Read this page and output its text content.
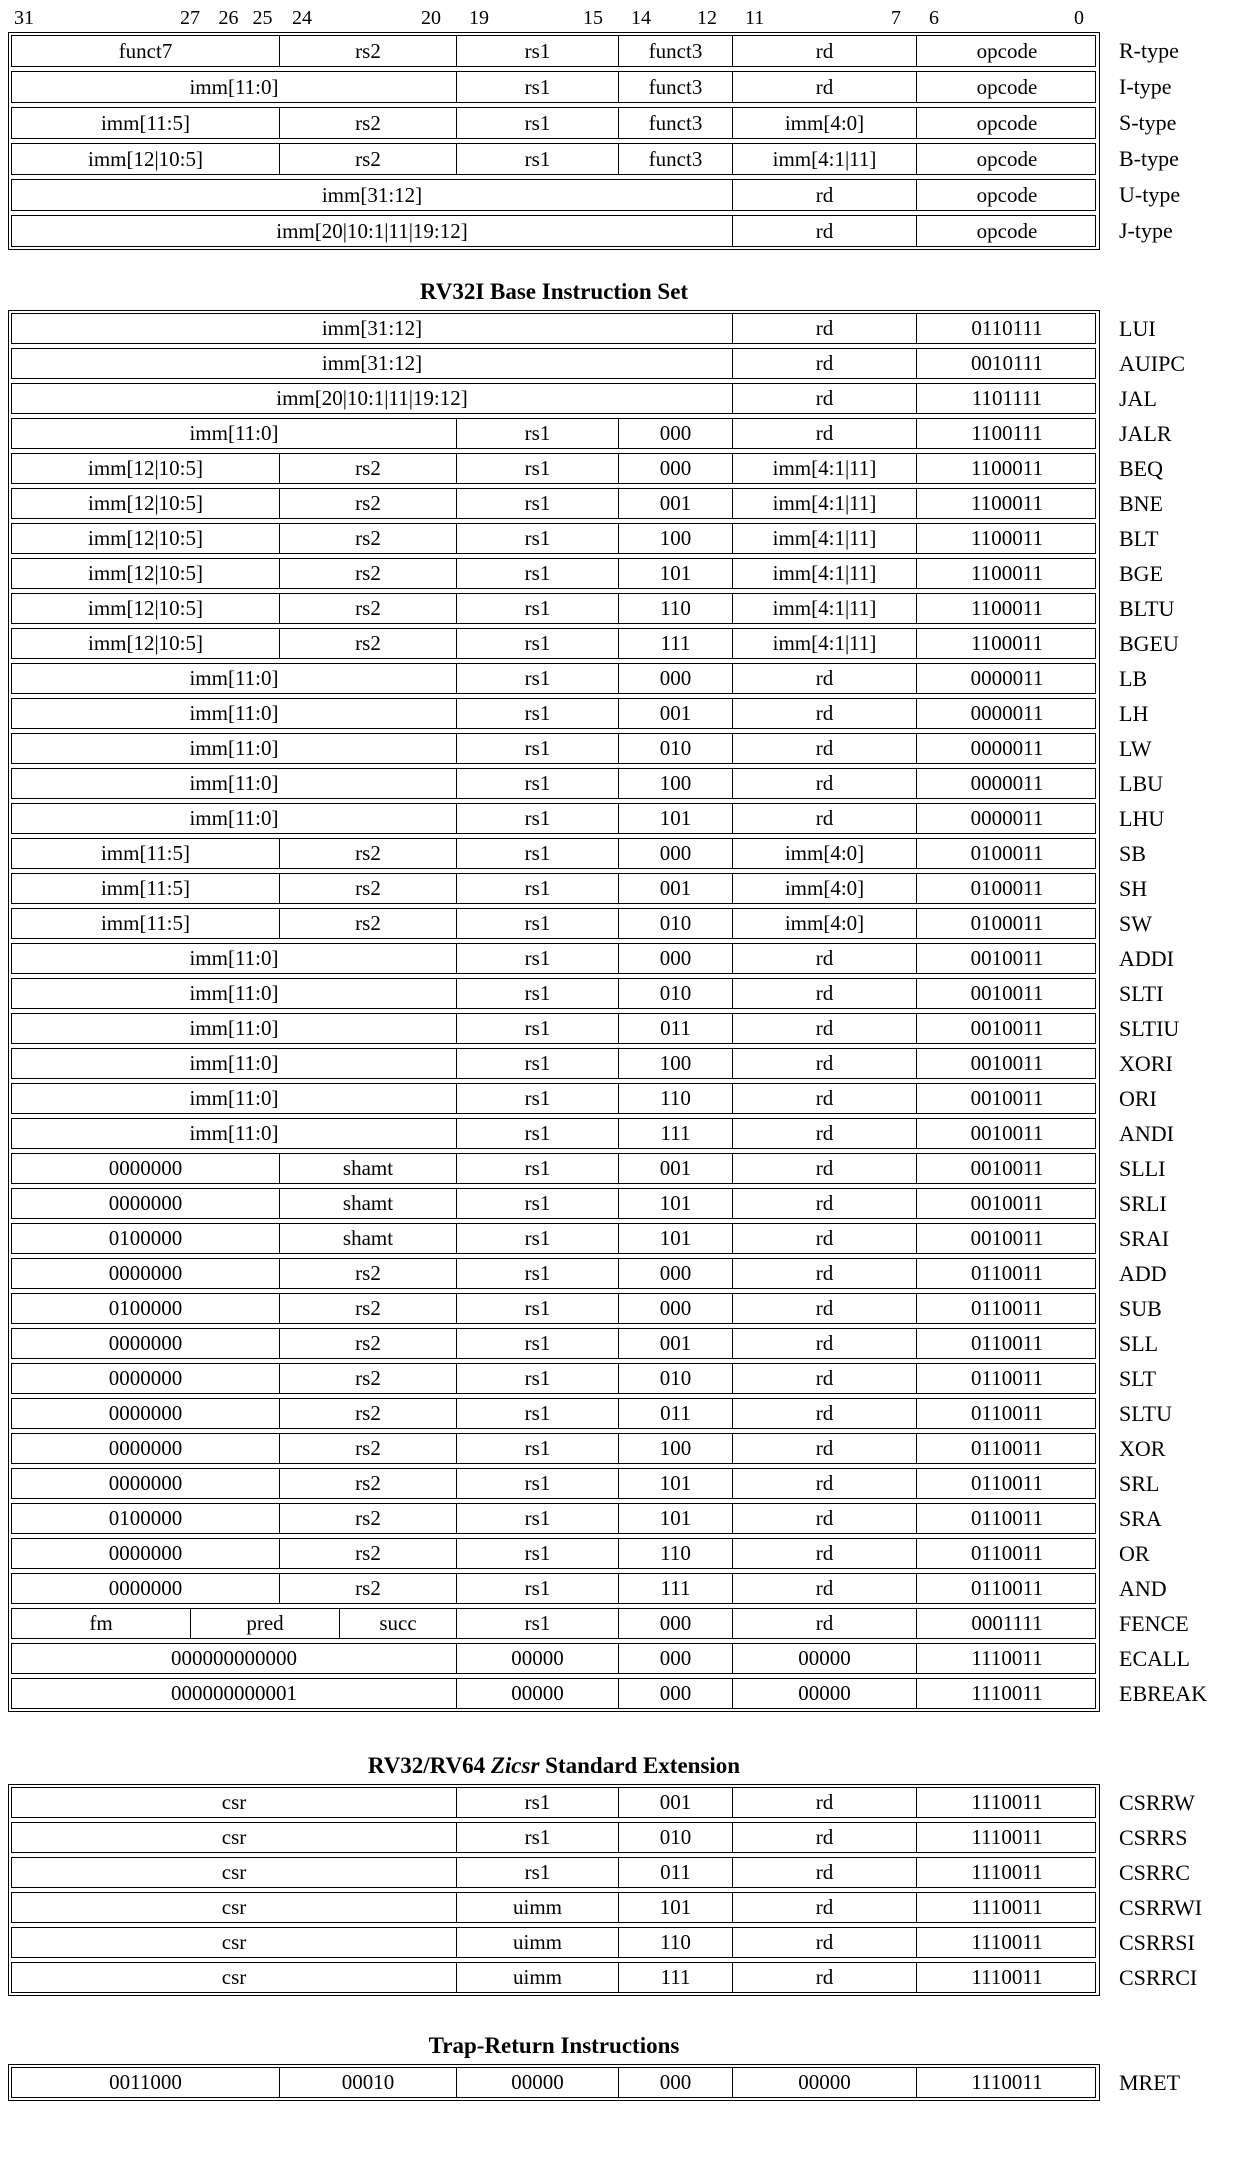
31	27 26 25 24	20 19	15 14 12 11	7 6	0
funct7	rs2	rs1	funct3	rd	opcode	R-type
imm[11:0]	rs1	funct3	rd	opcode	I-type
imm[11:5]	rs2	rs1	funct3	imm[4:0]	opcode	S-type
imm[12|10:5]	rs2	rs1	funct3	imm[4:1|11]	opcode	B-type
imm[31:12]	rd	opcode	U-type
imm[20|10:1|11|19:12]	rd	opcode	J-type
RV32I Base Instruction Set
imm[31:12]	rd	0110111	LUI
imm[31:12]	rd	0010111	AUIPC
imm[20|10:1|11|19:12]	rd	1101111	JAL
imm[11:0]	rs1	000	rd	1100111	JALR
imm[12|10:5]	rs2	rs1	000	imm[4:1|11]	1100011	BEQ
imm[12|10:5]	rs2	rs1	001	imm[4:1|11]	1100011	BNE
imm[12|10:5]	rs2	rs1	100	imm[4:1|11]	1100011	BLT
imm[12|10:5]	rs2	rs1	101	imm[4:1|11]	1100011	BGE
imm[12|10:5]	rs2	rs1	110	imm[4:1|11]	1100011	BLTU
imm[12|10:5]	rs2	rs1	111	imm[4:1|11]	1100011	BGEU
imm[11:0]	rs1	000	rd	0000011	LB
imm[11:0]	rs1	001	rd	0000011	LH
imm[11:0]	rs1	010	rd	0000011	LW
imm[11:0]	rs1	100	rd	0000011	LBU
imm[11:0]	rs1	101	rd	0000011	LHU
imm[11:5]	rs2	rs1	000	imm[4:0]	0100011	SB
imm[11:5]	rs2	rs1	001	imm[4:0]	0100011	SH
imm[11:5]	rs2	rs1	010	imm[4:0]	0100011	SW
imm[11:0]	rs1	000	rd	0010011	ADDI
imm[11:0]	rs1	010	rd	0010011	SLTI
imm[11:0]	rs1	011	rd	0010011	SLTIU
imm[11:0]	rs1	100	rd	0010011	XORI
imm[11:0]	rs1	110	rd	0010011	ORI
imm[11:0]	rs1	111	rd	0010011	ANDI
0000000	shamt	rs1	001	rd	0010011	SLLI
0000000	shamt	rs1	101	rd	0010011	SRLI
0100000	shamt	rs1	101	rd	0010011	SRAI
0000000	rs2	rs1	000	rd	0110011	ADD
0100000	rs2	rs1	000	rd	0110011	SUB
0000000	rs2	rs1	001	rd	0110011	SLL
0000000	rs2	rs1	010	rd	0110011	SLT
0000000	rs2	rs1	011	rd	0110011	SLTU
0000000	rs2	rs1	100	rd	0110011	XOR
0000000	rs2	rs1	101	rd	0110011	SRL
0100000	rs2	rs1	101	rd	0110011	SRA
0000000	rs2	rs1	110	rd	0110011	OR
0000000	rs2	rs1	111	rd	0110011	AND
fm	pred	succ	rs1	000	rd	0001111	FENCE
000000000000	00000	000	00000	1110011	ECALL
000000000001	00000	000	00000	1110011	EBREAK
RV32/RV64 Zicsr Standard Extension
csr	rs1	001	rd	1110011	CSRRW
csr	rs1	010	rd	1110011	CSRRS
csr	rs1	011	rd	1110011	CSRRC
csr	uimm	101	rd	1110011	CSRRWI
csr	uimm	110	rd	1110011	CSRRSI
csr	uimm	111	rd	1110011	CSRRCI
Trap-Return Instructions
0011000	00010	00000	000	00000	1110011	MRET
